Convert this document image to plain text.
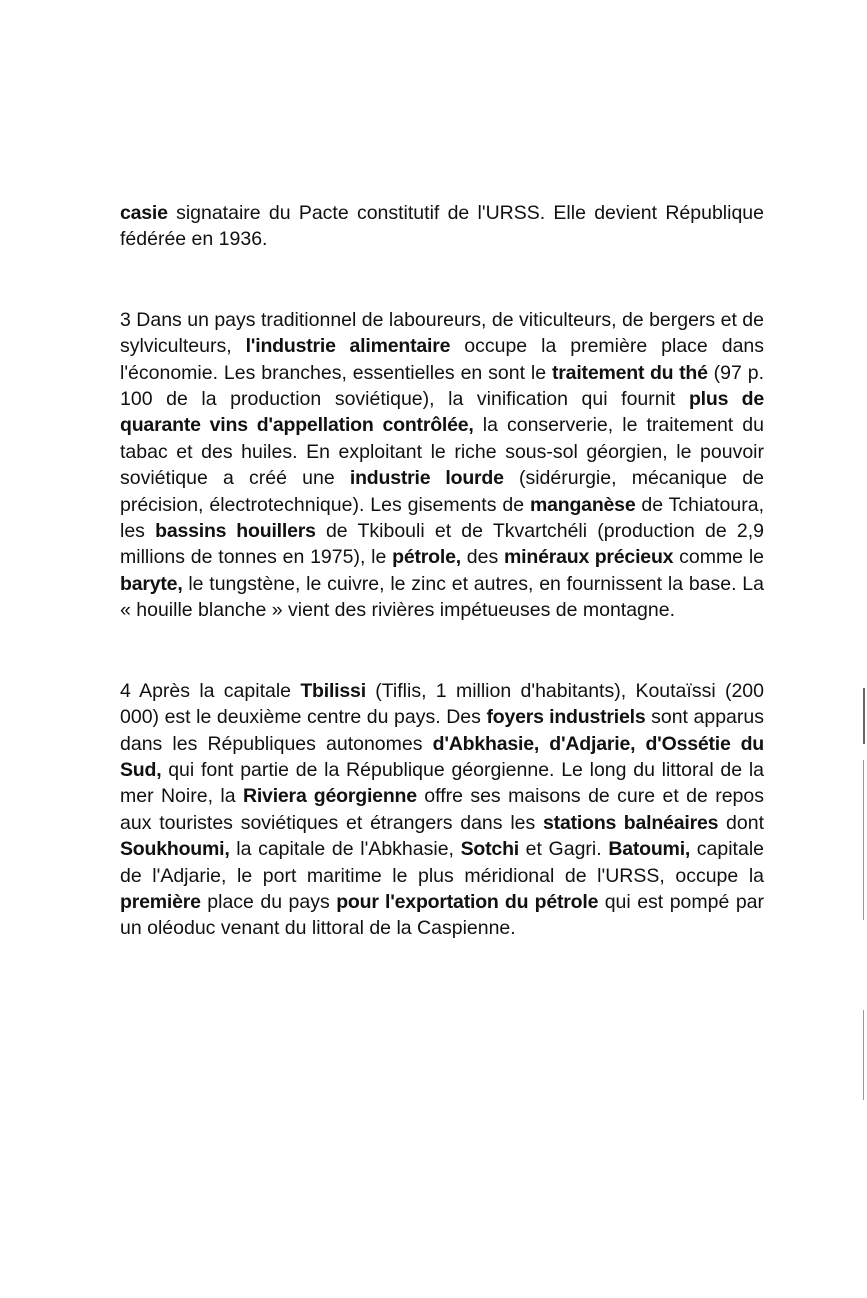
casie signataire du Pacte constitutif de l'URSS. Elle devient République fédérée en 1936.

3 Dans un pays traditionnel de laboureurs, de viticulteurs, de bergers et de sylviculteurs, l'industrie alimentaire occupe la première place dans l'économie. Les branches, essentielles en sont le traitement du thé (97 p. 100 de la production soviétique), la vinification qui fournit plus de quarante vins d'appellation contrôlée, la conserverie, le traitement du tabac et des huiles. En exploitant le riche sous-sol géorgien, le pouvoir soviétique a créé une industrie lourde (sidérurgie, mécanique de précision, électrotechnique). Les gisements de manganèse de Tchiatoura, les bassins houillers de Tkibouli et de Tkvartchéli (production de 2,9 millions de tonnes en 1975), le pétrole, des minéraux précieux comme le baryte, le tungstène, le cuivre, le zinc et autres, en fournissent la base. La « houille blanche » vient des rivières impétueuses de montagne.

4 Après la capitale Tbilissi (Tiflis, 1 million d'habitants), Koutaïssi (200 000) est le deuxième centre du pays. Des foyers industriels sont apparus dans les Républiques autonomes d'Abkhasie, d'Adjarie, d'Ossétie du Sud, qui font partie de la République géorgienne. Le long du littoral de la mer Noire, la Riviera géorgienne offre ses maisons de cure et de repos aux touristes soviétiques et étrangers dans les stations balnéaires dont Soukhoumi, la capitale de l'Abkhasie, Sotchi et Gagri. Batoumi, capitale de l'Adjarie, le port maritime le plus méridional de l'URSS, occupe la première place du pays pour l'exportation du pétrole qui est pompé par un oléoduc venant du littoral de la Caspienne.
